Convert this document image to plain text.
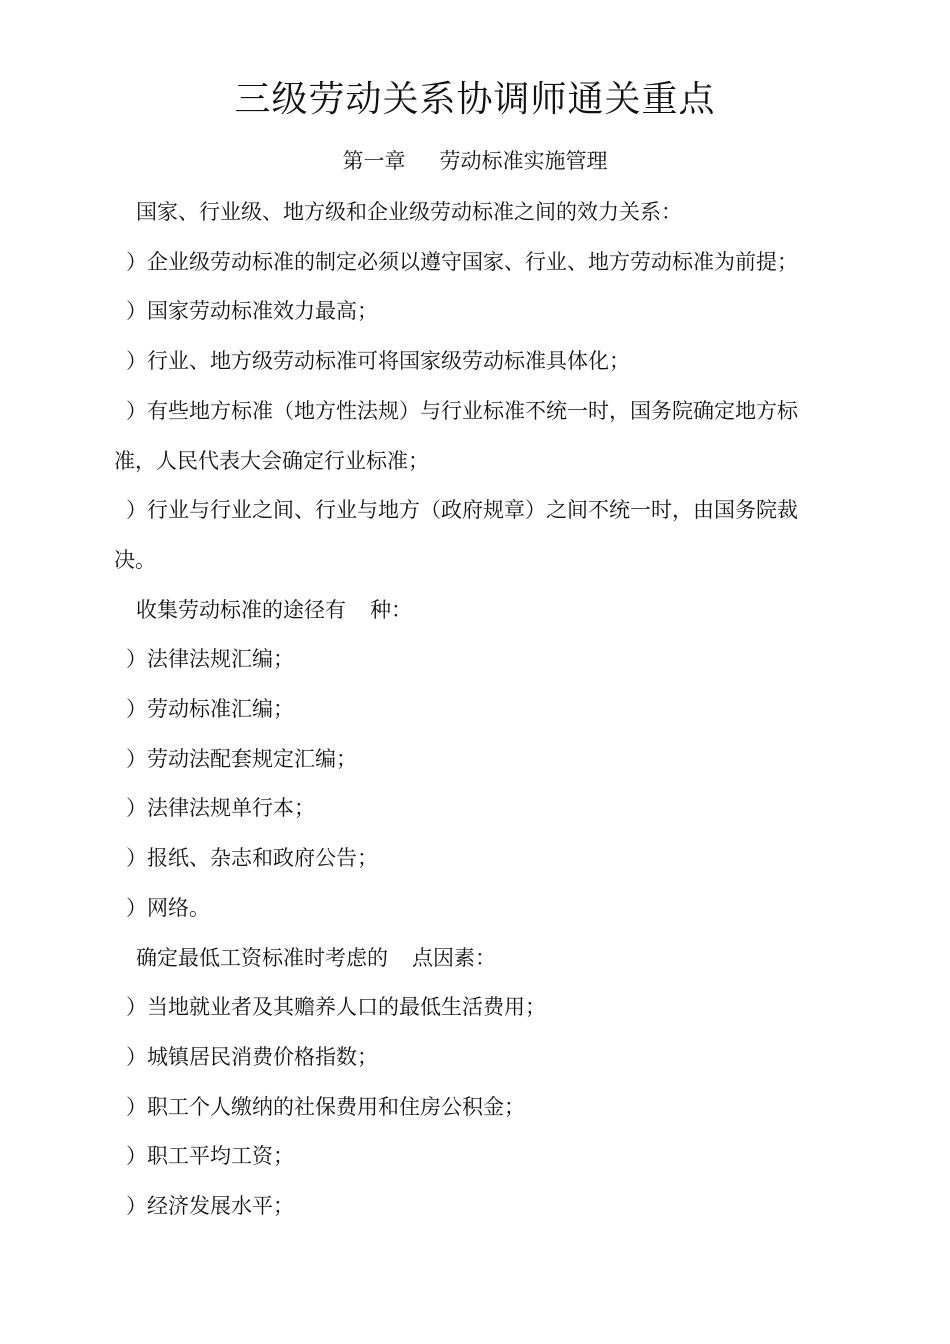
三级劳动关系协调师通关重点
第一章 劳动标准实施管理
国家、行业级、地方级和企业级劳动标准之间的效力关系：
）企业级劳动标准的制定必须以遵守国家、行业、地方劳动标准为前提；
）国家劳动标准效力最高；
）行业、地方级劳动标准可将国家级劳动标准具体化；
）有些地方标准（地方性法规）与行业标准不统一时，国务院确定地方标
准，人民代表大会确定行业标准；
）行业与行业之间、行业与地方（政府规章）之间不统一时，由国务院裁
决。
收集劳动标准的途径有 种：
）法律法规汇编；
）劳动标准汇编；
）劳动法配套规定汇编；
）法律法规单行本；
）报纸、杂志和政府公告；
）网络。
确定最低工资标准时考虑的 点因素：
）当地就业者及其赡养人口的最低生活费用；
）城镇居民消费价格指数；
）职工个人缴纳的社保费用和住房公积金；
）职工平均工资；
）经济发展水平；
